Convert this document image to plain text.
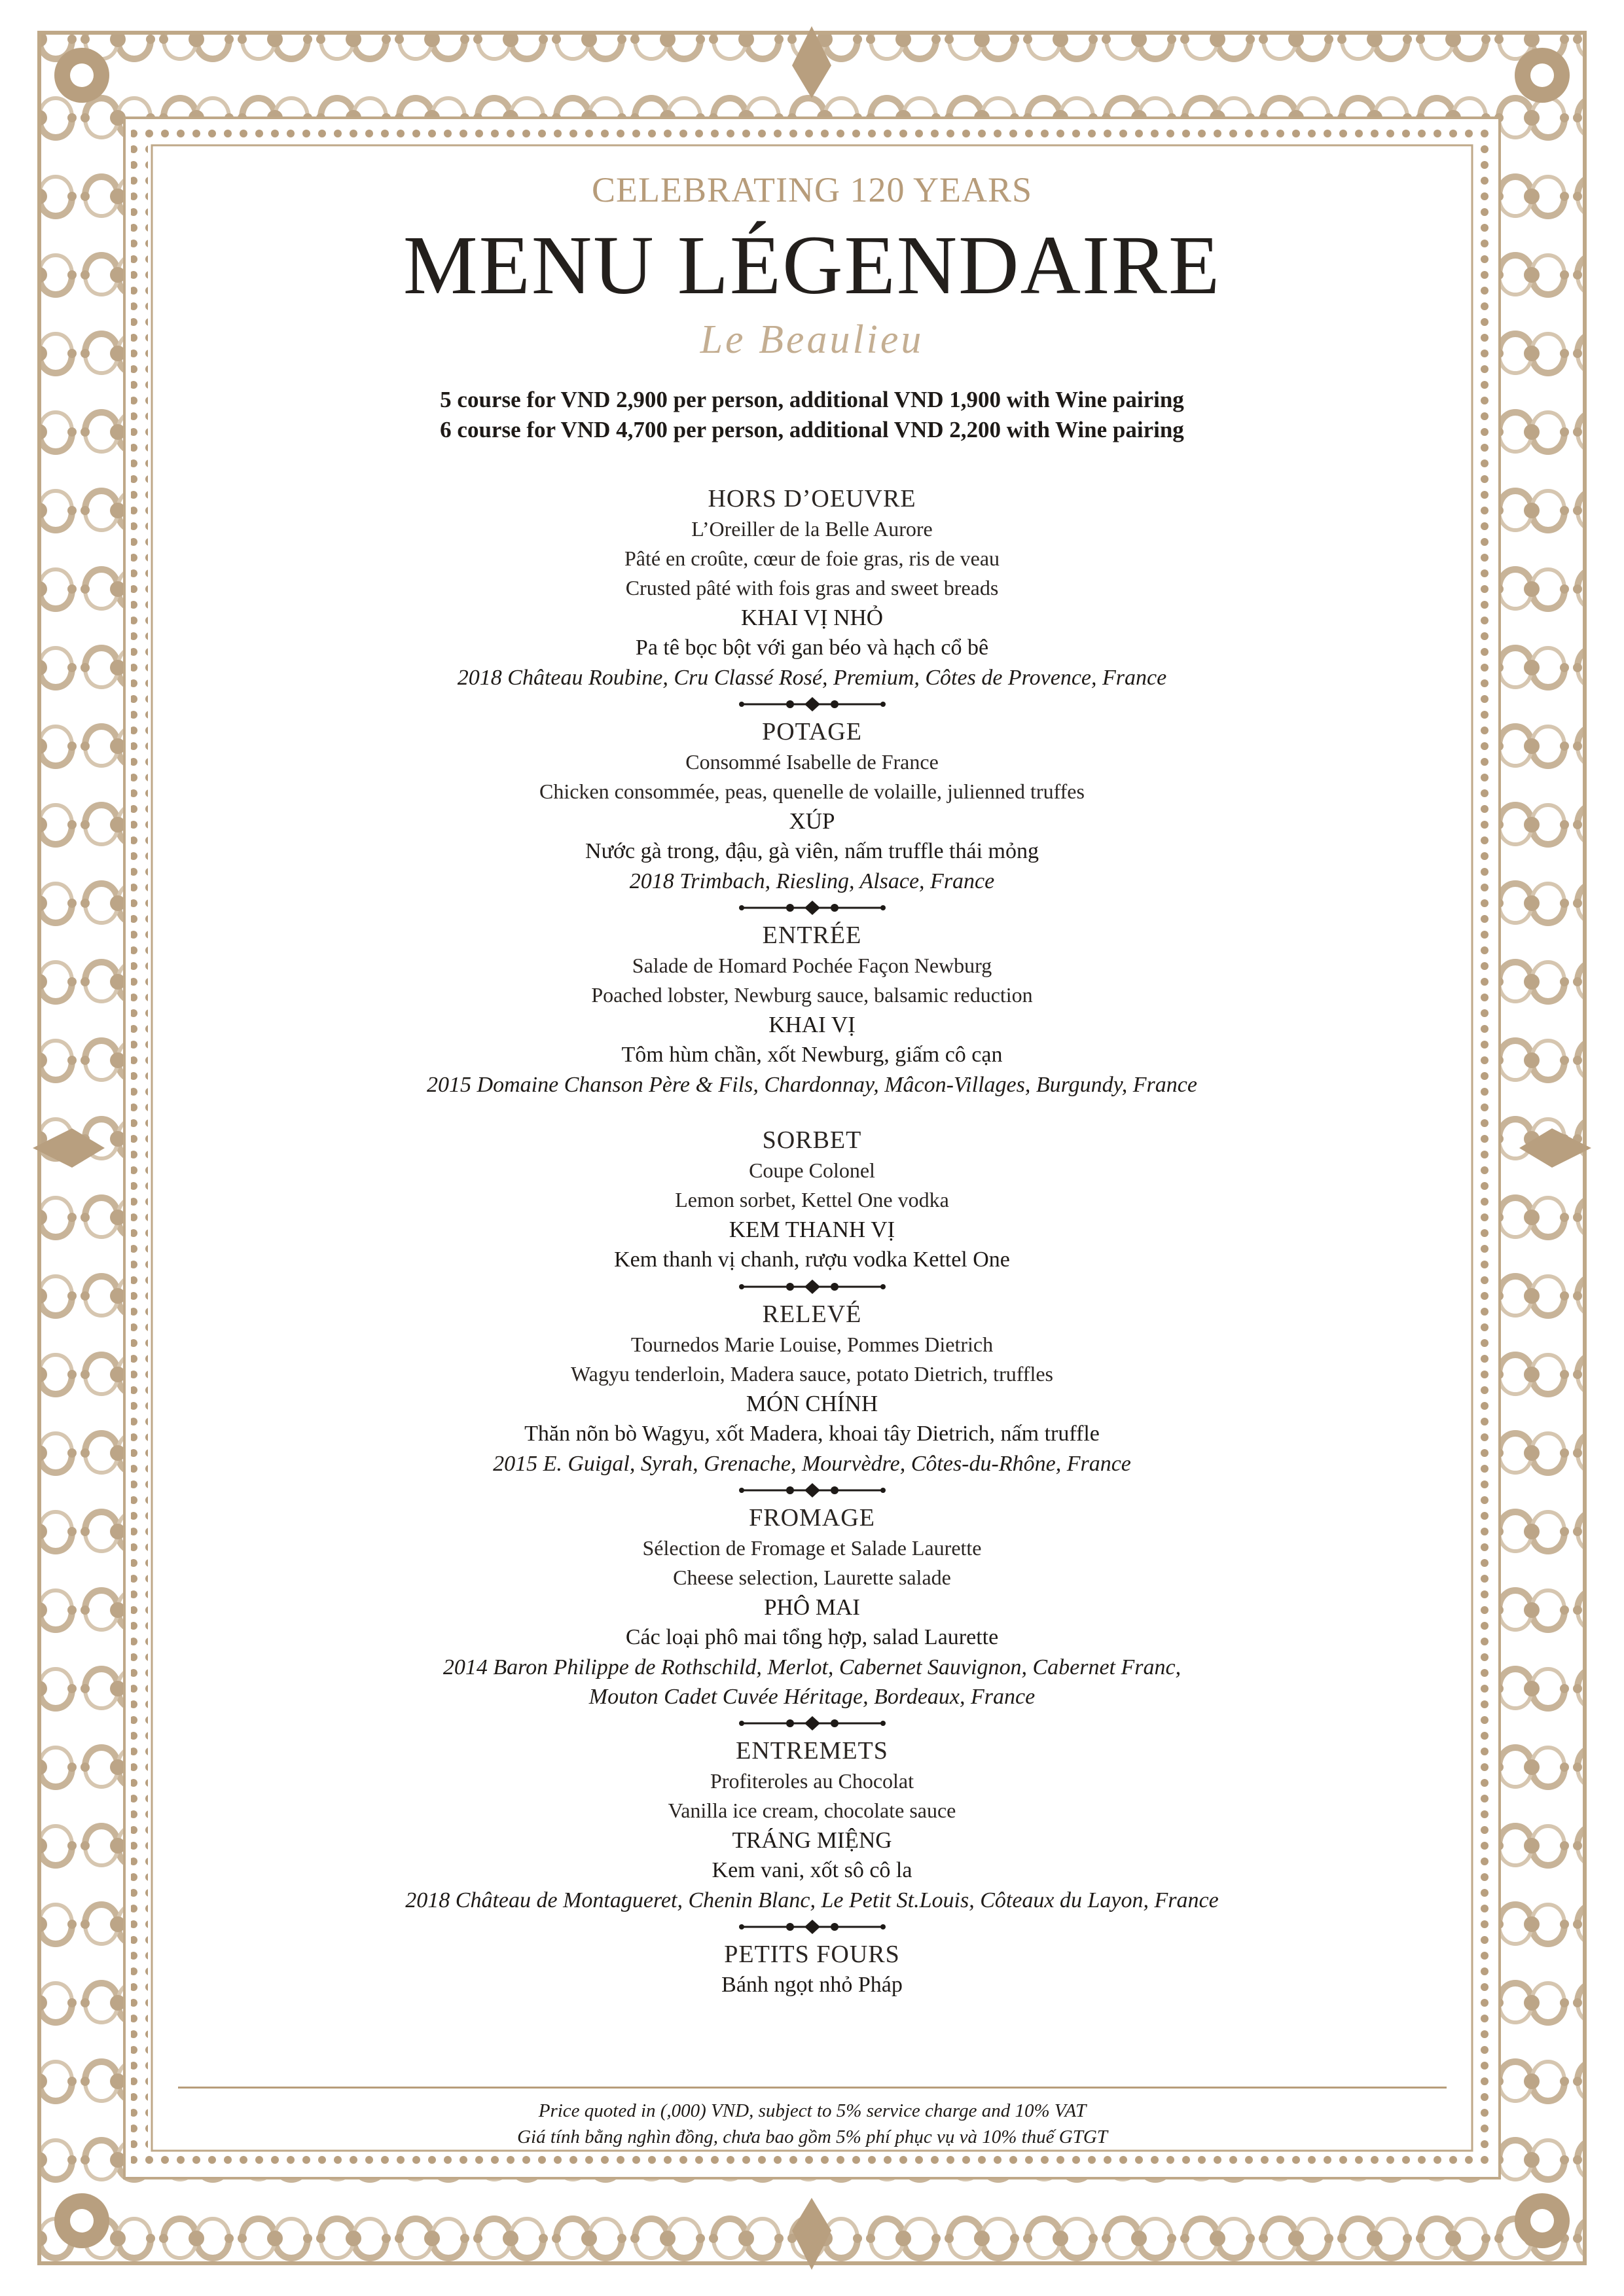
CELEBRATING 120 YEARS
MENU LÉGENDAIRE
Le Beaulieu
5 course for VND 2,900 per person, additional VND 1,900 with Wine pairing
6 course for VND 4,700 per person, additional VND 2,200 with Wine pairing
HORS D’OEUVRE
L’Oreiller de la Belle Aurore
Pâté en croûte, cœur de foie gras, ris de veau
Crusted pâté with fois gras and sweet breads
KHAI VỊ NHỎ
Pa tê bọc bột với gan béo và hạch cổ bê
2018 Château Roubine, Cru Classé Rosé, Premium, Côtes de Provence, France
POTAGE
Consommé Isabelle de France
Chicken consommée, peas, quenelle de volaille, julienned truffes
XÚP
Nước gà trong, đậu, gà viên, nấm truffle thái mỏng
2018 Trimbach, Riesling, Alsace, France
ENTRÉE
Salade de Homard Pochée Façon Newburg
Poached lobster, Newburg sauce, balsamic reduction
KHAI VỊ
Tôm hùm chần, xốt Newburg, giấm cô cạn
2015 Domaine Chanson Père & Fils, Chardonnay, Mâcon-Villages, Burgundy, France
SORBET
Coupe Colonel
Lemon sorbet, Kettel One vodka
KEM THANH VỊ
Kem thanh vị chanh, rượu vodka Kettel One
RELEVÉ
Tournedos Marie Louise, Pommes Dietrich
Wagyu tenderloin, Madera sauce, potato Dietrich, truffles
MÓN CHÍNH
Thăn nõn bò Wagyu, xốt Madera, khoai tây Dietrich, nấm truffle
2015 E. Guigal, Syrah, Grenache, Mourvèdre, Côtes-du-Rhône, France
FROMAGE
Sélection de Fromage et Salade Laurette
Cheese selection, Laurette salade
PHÔ MAI
Các loại phô mai tổng hợp, salad Laurette
2014 Baron Philippe de Rothschild, Merlot, Cabernet Sauvignon, Cabernet Franc,
Mouton Cadet Cuvée Héritage, Bordeaux, France
ENTREMETS
Profiteroles au Chocolat
Vanilla ice cream, chocolate sauce
TRÁNG MIỆNG
Kem vani, xốt sô cô la
2018 Château de Montagueret, Chenin Blanc, Le Petit St.Louis, Côteaux du Layon, France
PETITS FOURS
Bánh ngọt nhỏ Pháp
Price quoted in (,000) VND, subject to 5% service charge and 10% VAT
Giá tính bằng nghìn đồng, chưa bao gồm 5% phí phục vụ và 10% thuế GTGT
